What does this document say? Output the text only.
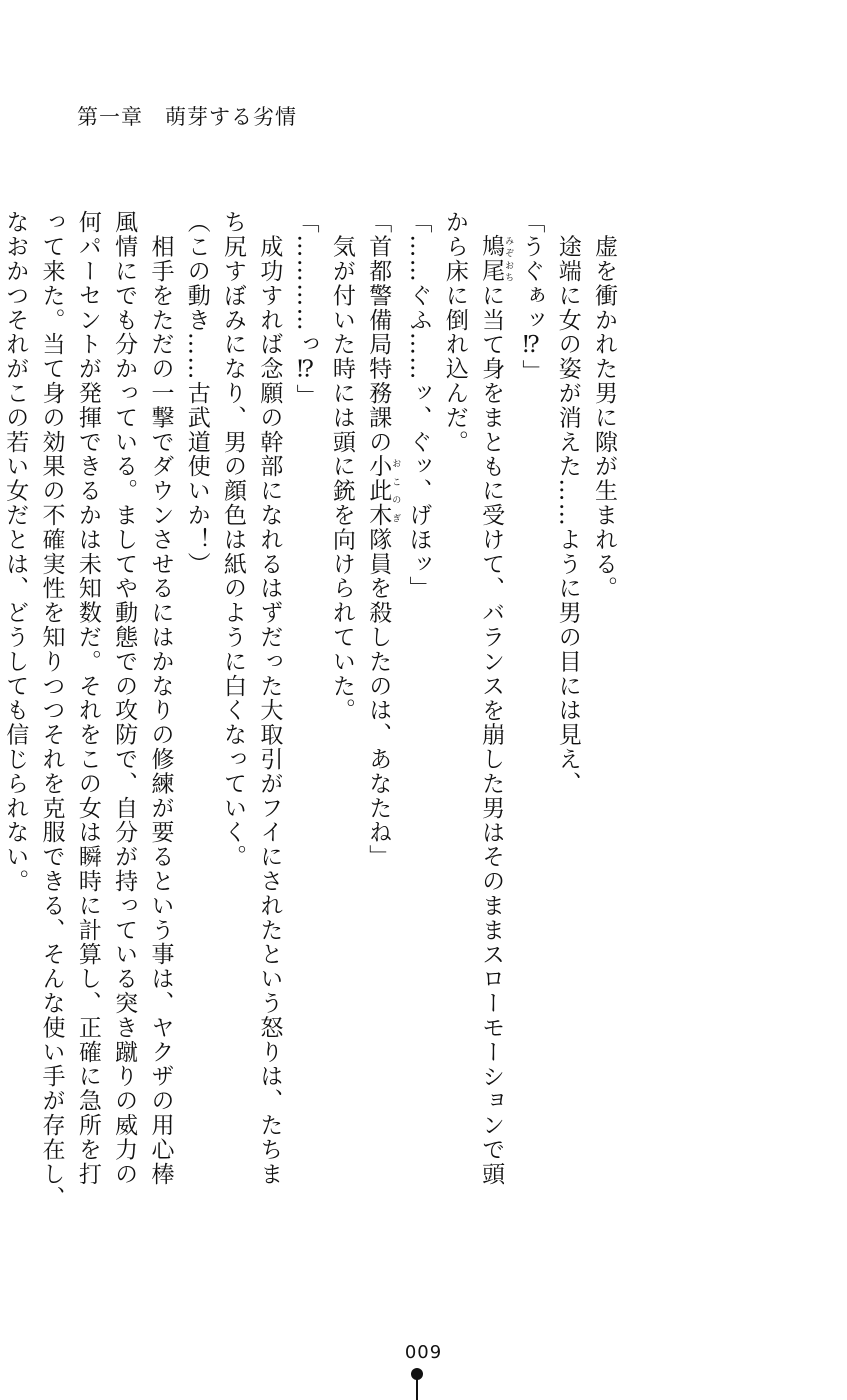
第一章　萌芽する劣情

　虚を衝かれた男に隙が生まれる。

　途端に女の姿が消えた……ように男の目には見え、

「うぐぁッ⁉」

　鳩尾 みぞおちに当て身をまともに受けて、バランスを崩した男はそのままスローモーションで頭

から床に倒れ込んだ。

「……ぐふ……ッ、ぐッ、げほッ」

「首都警備局特務課の小此木 おこのぎ隊員を殺したのは、あなたね」

　気が付いた時には頭に銃を向けられていた。

「…………っ⁉」

　成功すれば念願の幹部になれるはずだった大取引がフイにされたという怒りは、たちま

ち尻すぼみになり、男の顔色は紙のように白くなっていく。

（この動き……古武道使いか！）

　相手をただの一撃でダウンさせるにはかなりの修練が要るという事は、ヤクザの用心棒

風情にでも分かっている。ましてや動態での攻防で、自分が持っている突き蹴りの威力の

何パーセントが発揮できるかは未知数だ。それをこの女は瞬時に計算し、正確に急所を打

って来た。当て身の効果の不確実性を知りつつそれを克服できる、そんな使い手が存在し、

なおかつそれがこの若い女だとは、どうしても信じられない。

009
